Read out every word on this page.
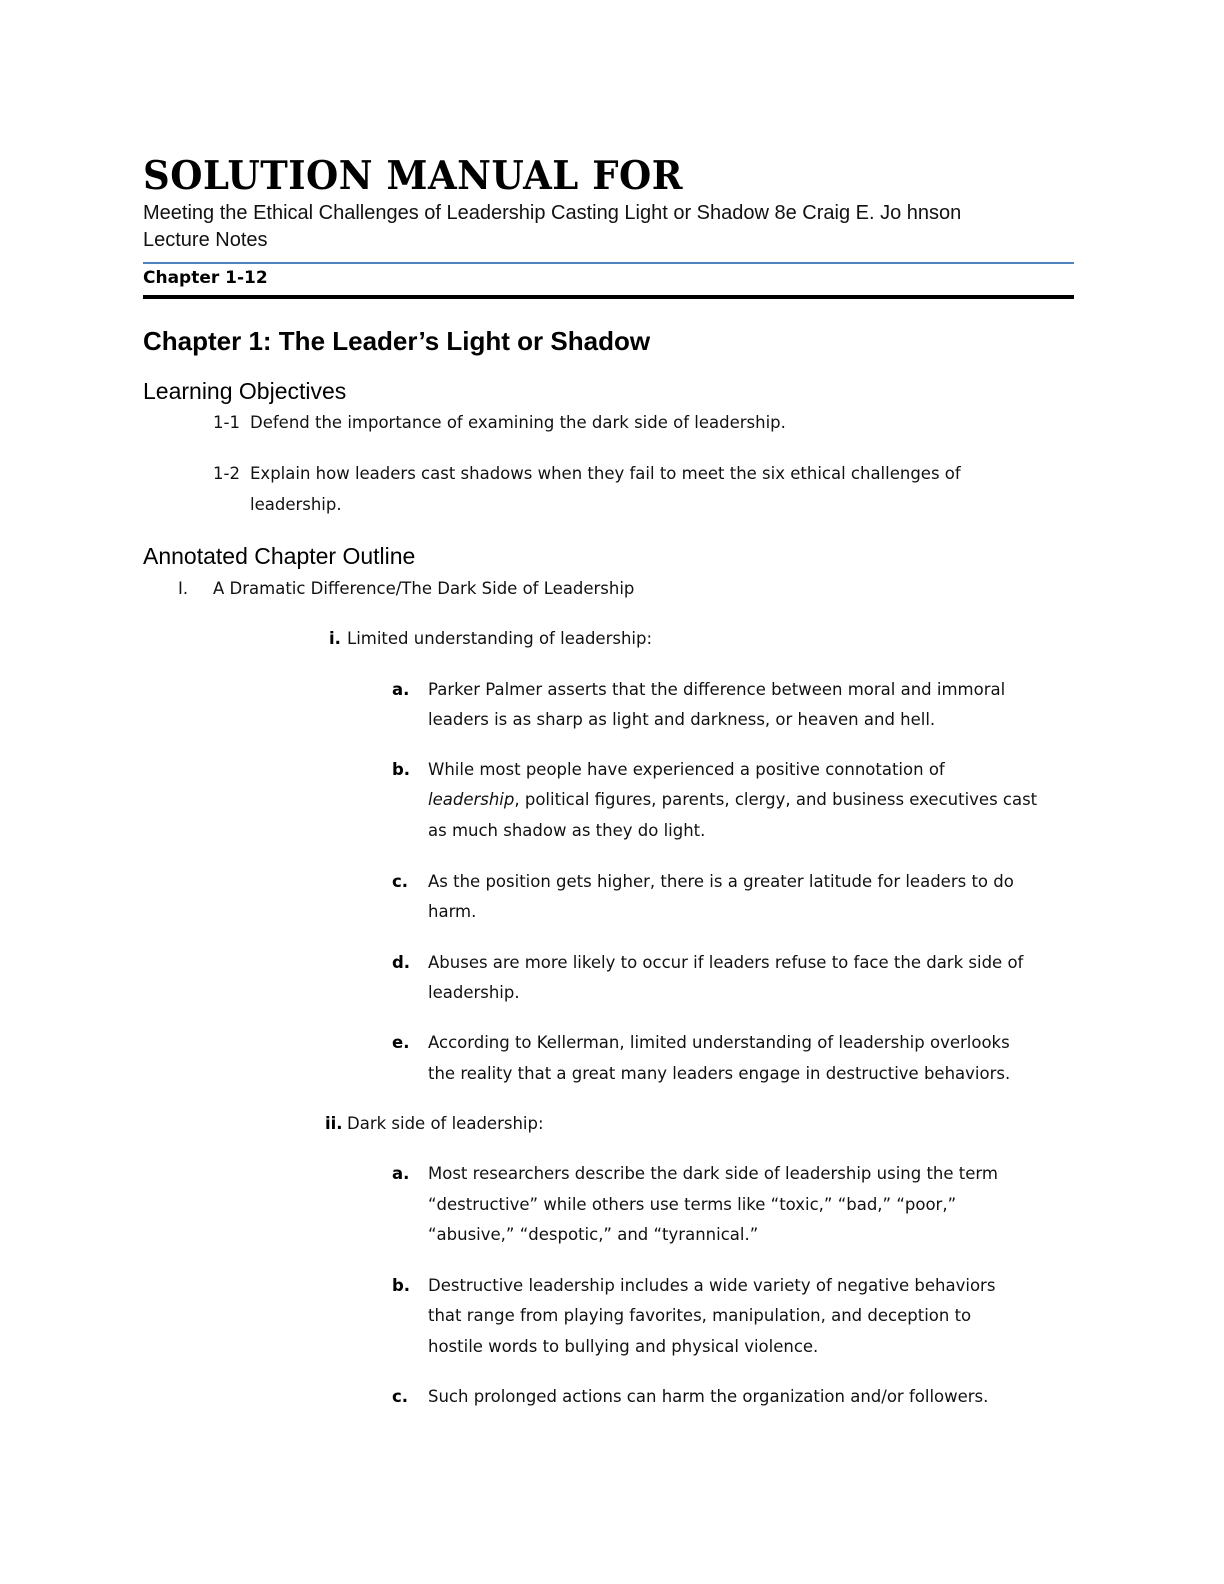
SOLUTION MANUAL FOR
Meeting the Ethical Challenges of Leadership Casting Light or Shadow 8e Craig E. Jo hnson
Lecture Notes
Chapter 1-12
Chapter 1: The Leader’s Light or Shadow
Learning Objectives
1-1 Defend the importance of examining the dark side of leadership.
1-2 Explain how leaders cast shadows when they fail to meet the six ethical challenges of
leadership.
Annotated Chapter Outline
I. A Dramatic Difference/The Dark Side of Leadership
i. Limited understanding of leadership:
a. Parker Palmer asserts that the difference between moral and immoral
leaders is as sharp as light and darkness, or heaven and hell.
b. While most people have experienced a positive connotation of
leadership, political figures, parents, clergy, and business executives cast
as much shadow as they do light.
c. As the position gets higher, there is a greater latitude for leaders to do
harm.
d. Abuses are more likely to occur if leaders refuse to face the dark side of
leadership.
e. According to Kellerman, limited understanding of leadership overlooks
the reality that a great many leaders engage in destructive behaviors.
ii. Dark side of leadership:
a. Most researchers describe the dark side of leadership using the term
“destructive” while others use terms like “toxic,” “bad,” “poor,”
“abusive,” “despotic,” and “tyrannical.”
b. Destructive leadership includes a wide variety of negative behaviors
that range from playing favorites, manipulation, and deception to
hostile words to bullying and physical violence.
c. Such prolonged actions can harm the organization and/or followers.
